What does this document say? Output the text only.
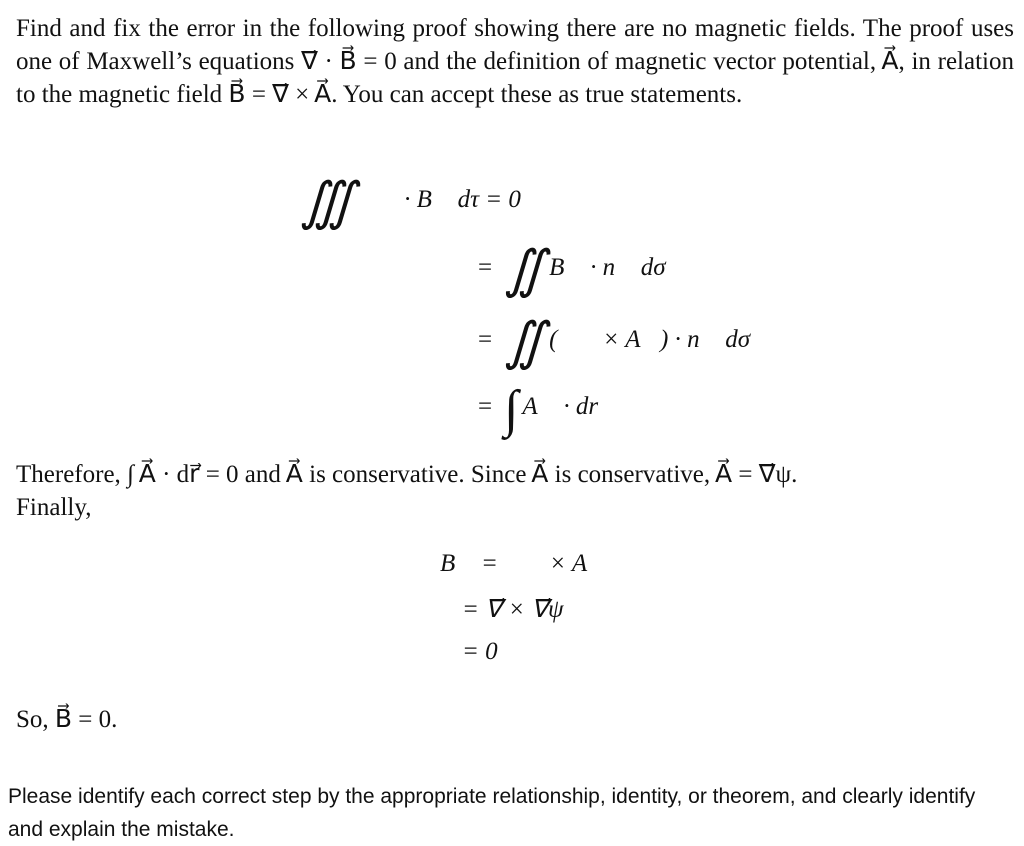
Find and fix the error in the following proof showing there are no magnetic fields. The proof uses one of Maxwell’s equations ∇⃗ · B⃗ = 0 and the definition of magnetic vector potential, A⃗, in relation to the magnetic field B⃗ = ∇⃗ × A⃗. You can accept these as true statements.
∭ ∇⃗ · B⃗ dτ = 0
= ∬ B⃗ · n⃗ dσ
= ∬ (∇⃗ × A⃗) · n⃗ dσ
= ∫ A⃗ · dr⃗
Therefore, ∫ A⃗ · dr⃗ = 0 and A⃗ is conservative. Since A⃗ is conservative, A⃗ = ∇⃗ψ.
Finally,
B⃗ = ∇⃗ × A⃗
= ∇⃗ × ∇⃗ψ
= 0
So, B⃗ = 0.
Please identify each correct step by the appropriate relationship, identity, or theorem, and clearly identify and explain the mistake.
